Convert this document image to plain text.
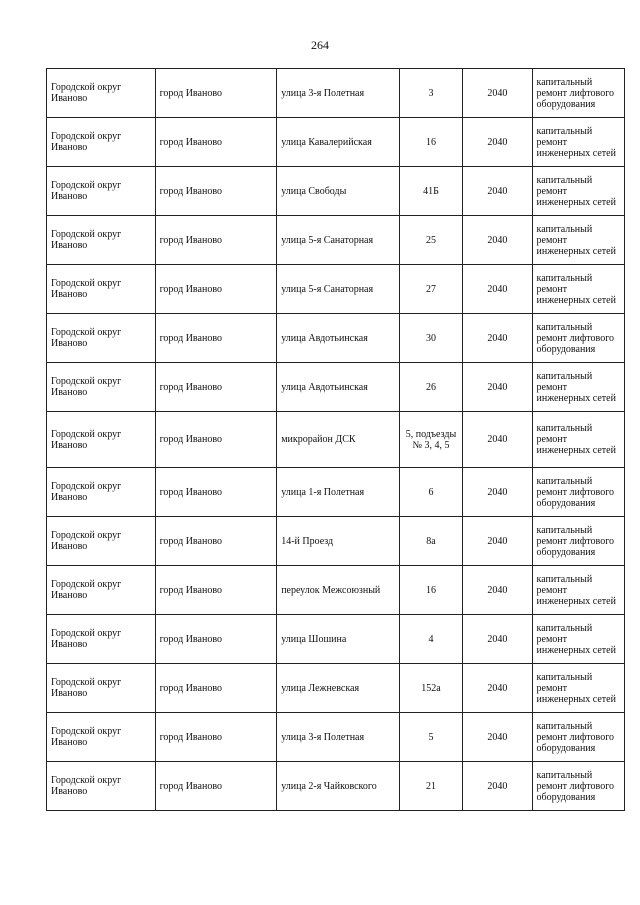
264
Городской округ Иваново	город Иваново	улица 3-я Полетная	3	2040	капитальный ремонт лифтового оборудования
Городской округ Иваново	город Иваново	улица Кавалерийская	16	2040	капитальный ремонт инженерных сетей
Городской округ Иваново	город Иваново	улица Свободы	41Б	2040	капитальный ремонт инженерных сетей
Городской округ Иваново	город Иваново	улица 5-я Санаторная	25	2040	капитальный ремонт инженерных сетей
Городской округ Иваново	город Иваново	улица 5-я Санаторная	27	2040	капитальный ремонт инженерных сетей
Городской округ Иваново	город Иваново	улица Авдотьинская	30	2040	капитальный ремонт лифтового оборудования
Городской округ Иваново	город Иваново	улица Авдотьинская	26	2040	капитальный ремонт инженерных сетей
Городской округ Иваново	город Иваново	микрорайон ДСК	5, подъезды № 3, 4, 5	2040	капитальный ремонт инженерных сетей
Городской округ Иваново	город Иваново	улица 1-я Полетная	6	2040	капитальный ремонт лифтового оборудования
Городской округ Иваново	город Иваново	14-й Проезд	8а	2040	капитальный ремонт лифтового оборудования
Городской округ Иваново	город Иваново	переулок Межсоюзный	16	2040	капитальный ремонт инженерных сетей
Городской округ Иваново	город Иваново	улица Шошина	4	2040	капитальный ремонт инженерных сетей
Городской округ Иваново	город Иваново	улица Лежневская	152а	2040	капитальный ремонт инженерных сетей
Городской округ Иваново	город Иваново	улица 3-я Полетная	5	2040	капитальный ремонт лифтового оборудования
Городской округ Иваново	город Иваново	улица 2-я Чайковского	21	2040	капитальный ремонт лифтового оборудования
